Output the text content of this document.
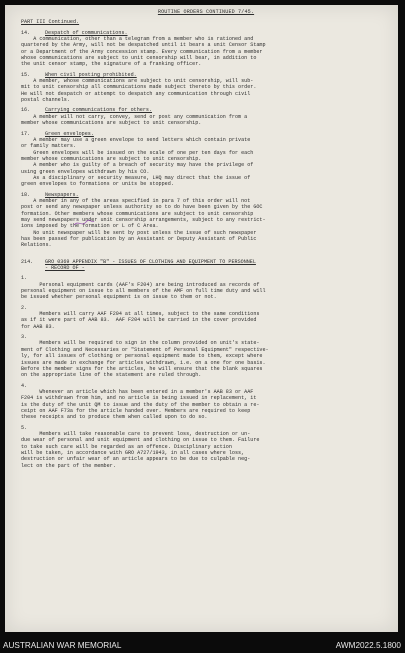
ROUTINE ORDERS CONTINUED 7/45.
PART III Continued.
14.	Despatch of communications.
A communication, other than a telegram from a member who is rationed and
quartered by the Army, will not be despatched until it bears a unit Censor Stamp
or a Department of the Army concession stamp. Every communication from a member
whose communications are subject to unit censorship will bear, in addition to
the unit censor stamp, the signature of a franking officer.
15.	When civil posting prohibited.
A member, whose communications are subject to unit censorship, will sub-
mit to unit censorship all communications made subject thereto by this order.
He will not despatch or attempt to despatch any communication through civil
postal channels.
16.	Carrying communications for others.
A member will not carry, convey, send or post any communication from a
member whose communications are subject to unit censorship.
17.	Green envelopes.
A member may use a green envelope to send letters which contain private
or family matters.
Green envelopes will be issued on the scale of one per ten days for each
member whose communications are subject to unit censorship.
A member who is guilty of a breach of security may have the privilege of
using green envelopes withdrawn by his CO.
As a disciplinary or security measure, LHQ may direct that the issue of
green envelopes to formations or units be stopped.
18.	Newspapers.
A member in any of the areas specified in para 7 of this order will not
post or send any newspaper unless authority so to do have been given by the GOC
formation. Other members whose communications are subject to unit censorship
may send newspapers under unit censorship arrangements, subject to any restrict-
ions imposed by the formation or L of C Area.
No unit newspaper will be sent by post unless the issue of such newspaper
has been passed for publication by an Assistant or Deputy Assistant of Public
Relations.
214.	GRO 0369 APPENDIX "B" - ISSUES OF CLOTHING AND EQUIPMENT TO PERSONNEL
- RECORD OF -
1.
Personal equipment cards (AAF's F204) are being introduced as records of
personal equipment on issue to all members of the AMF on full time duty and will
be issued whether personal equipment is on issue to them or not.
2.
Members will carry AAF F204 at all times, subject to the same conditions
as if it were part of AAB 83.  AAF F204 will be carried in the cover provided
for AAB 83.
3.
Members will be required to sign in the column provided on unit's state-
ment of Clothing and Necessaries or "Statement of Personal Equipment" respective-
ly, for all issues of clothing or personal equipment made to them, except where
issues are made in exchange for articles withdrawn, i.e. on a one for one basis.
Before the member signs for the articles, he will ensure that the blank squares
on the appropriate line of the statement are ruled through.
4.
Whenever an article which has been entered in a member's AAB 83 or AAF
F204 is withdrawn from him, and no article is being issued in replacement, it
is the duty of the unit QM to issue and the duty of the member to obtain a re-
ceipt on AAF F73a for the article handed over. Members are required to keep
these receipts and to produce them when called upon to do so.
5.
Members will take reasonable care to prevent loss, destruction or un-
due wear of personal and unit equipment and clothing on issue to them. Failure
to take such care will be regarded as an offence. Disciplinary action
will be taken, in accordance with GRO A727/1943, in all cases where loss,
destruction or unfair wear of an article appears to be due to culpable neg-
lect on the part of the member.
AUSTRALIAN WAR MEMORIAL	AWM2022.5.1800
